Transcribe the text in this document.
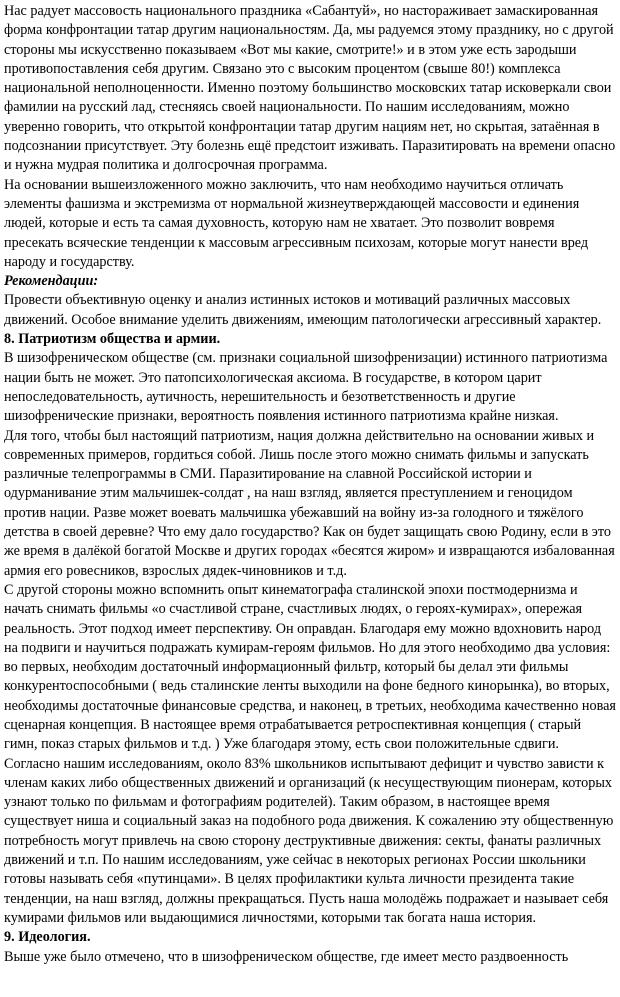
Нас радует массовость национального праздника «Сабантуй», но настораживает замаскированная форма конфронтации татар другим национальностям. Да, мы радуемся этому празднику, но с другой стороны мы искусственно показываем «Вот мы какие, смотрите!» и в этом уже есть зародыши противопоставления себя другим. Связано это с высоким процентом (свыше 80!) комплекса национальной неполноценности. Именно поэтому большинство московских татар исковеркали свои фамилии на русский лад, стесняясь своей национальности. По нашим исследованиям, можно уверенно говорить, что открытой конфронтации татар другим нациям нет, но скрытая, затаённая в подсознании присутствует. Эту болезнь ещё предстоит изживать. Паразитировать на времени опасно и нужна мудрая политика и долгосрочная программа.

На основании вышеизложенного можно заключить, что нам необходимо научиться отличать элементы фашизма и экстремизма от нормальной жизнеутверждающей массовости и единения людей, которые и есть та самая духовность, которую нам не хватает. Это позволит вовремя пресекать всяческие тенденции к массовым агрессивным психозам, которые могут нанести вред народу и государству.

Рекомендации:

Провести объективную оценку и анализ истинных истоков и мотиваций различных массовых движений. Особое внимание уделить движениям, имеющим патологически агрессивный характер.

8. Патриотизм общества и армии.

В шизофреническом обществе (см. признаки социальной шизофренизации) истинного патриотизма нации быть не может. Это патопсихологическая аксиома. В государстве, в котором царит непоследовательность, аутичность, нерешительность и безответственность и другие шизофренические признаки, вероятность появления истинного патриотизма крайне низкая.

Для того, чтобы был настоящий патриотизм, нация должна действительно на основании живых и современных примеров, гордиться собой. Лишь после этого можно снимать фильмы и запускать различные телепрограммы в СМИ. Паразитирование на славной Российской истории и одурманивание этим мальчишек-солдат , на наш взгляд, является преступлением и геноцидом против нации. Разве может воевать мальчишка убежавший на войну из-за голодного и тяжёлого детства в своей деревне? Что ему дало государство? Как он будет защищать свою Родину, если в это же время в далёкой богатой Москве и других городах «бесятся жиром» и извращаются избалованная армия его ровесников, взрослых дядек-чиновников и т.д.

С другой стороны можно вспомнить опыт кинематографа сталинской эпохи постмодернизма и начать снимать фильмы «о счастливой стране, счастливых людях, о героях-кумирах», опережая реальность. Этот подход имеет перспективу. Он оправдан. Благодаря ему можно вдохновить народ на подвиги и научиться подражать кумирам-героям фильмов. Но для этого необходимо два условия: во первых, необходим достаточный информационный фильтр, который бы делал эти фильмы конкурентоспособными ( ведь сталинские ленты выходили на фоне бедного кинорынка), во вторых, необходимы достаточные финансовые средства, и наконец, в третьих, необходима качественно новая сценарная концепция. В настоящее время отрабатывается ретроспективная концепция ( старый гимн, показ старых фильмов и т.д. ) Уже благодаря этому, есть свои положительные сдвиги.

Согласно нашим исследованиям, около 83% школьников испытывают дефицит и чувство зависти к членам каких либо общественных движений и организаций (к несуществующим пионерам, которых узнают только по фильмам и фотографиям родителей). Таким образом, в настоящее время существует ниша и социальный заказ на подобного рода движения. К сожалению эту общественную потребность могут привлечь на свою сторону деструктивные движения: секты, фанаты различных движений и т.п. По нашим исследованиям, уже сейчас в некоторых регионах России школьники готовы называть себя «путинцами». В целях профилактики культа личности президента такие тенденции, на наш взгляд, должны прекращаться. Пусть наша молодёжь подражает и называет себя кумирами фильмов или выдающимися личностями, которыми так богата наша история.

9. Идеология.

Выше уже было отмечено, что в шизофреническом обществе, где имеет место раздвоенность
